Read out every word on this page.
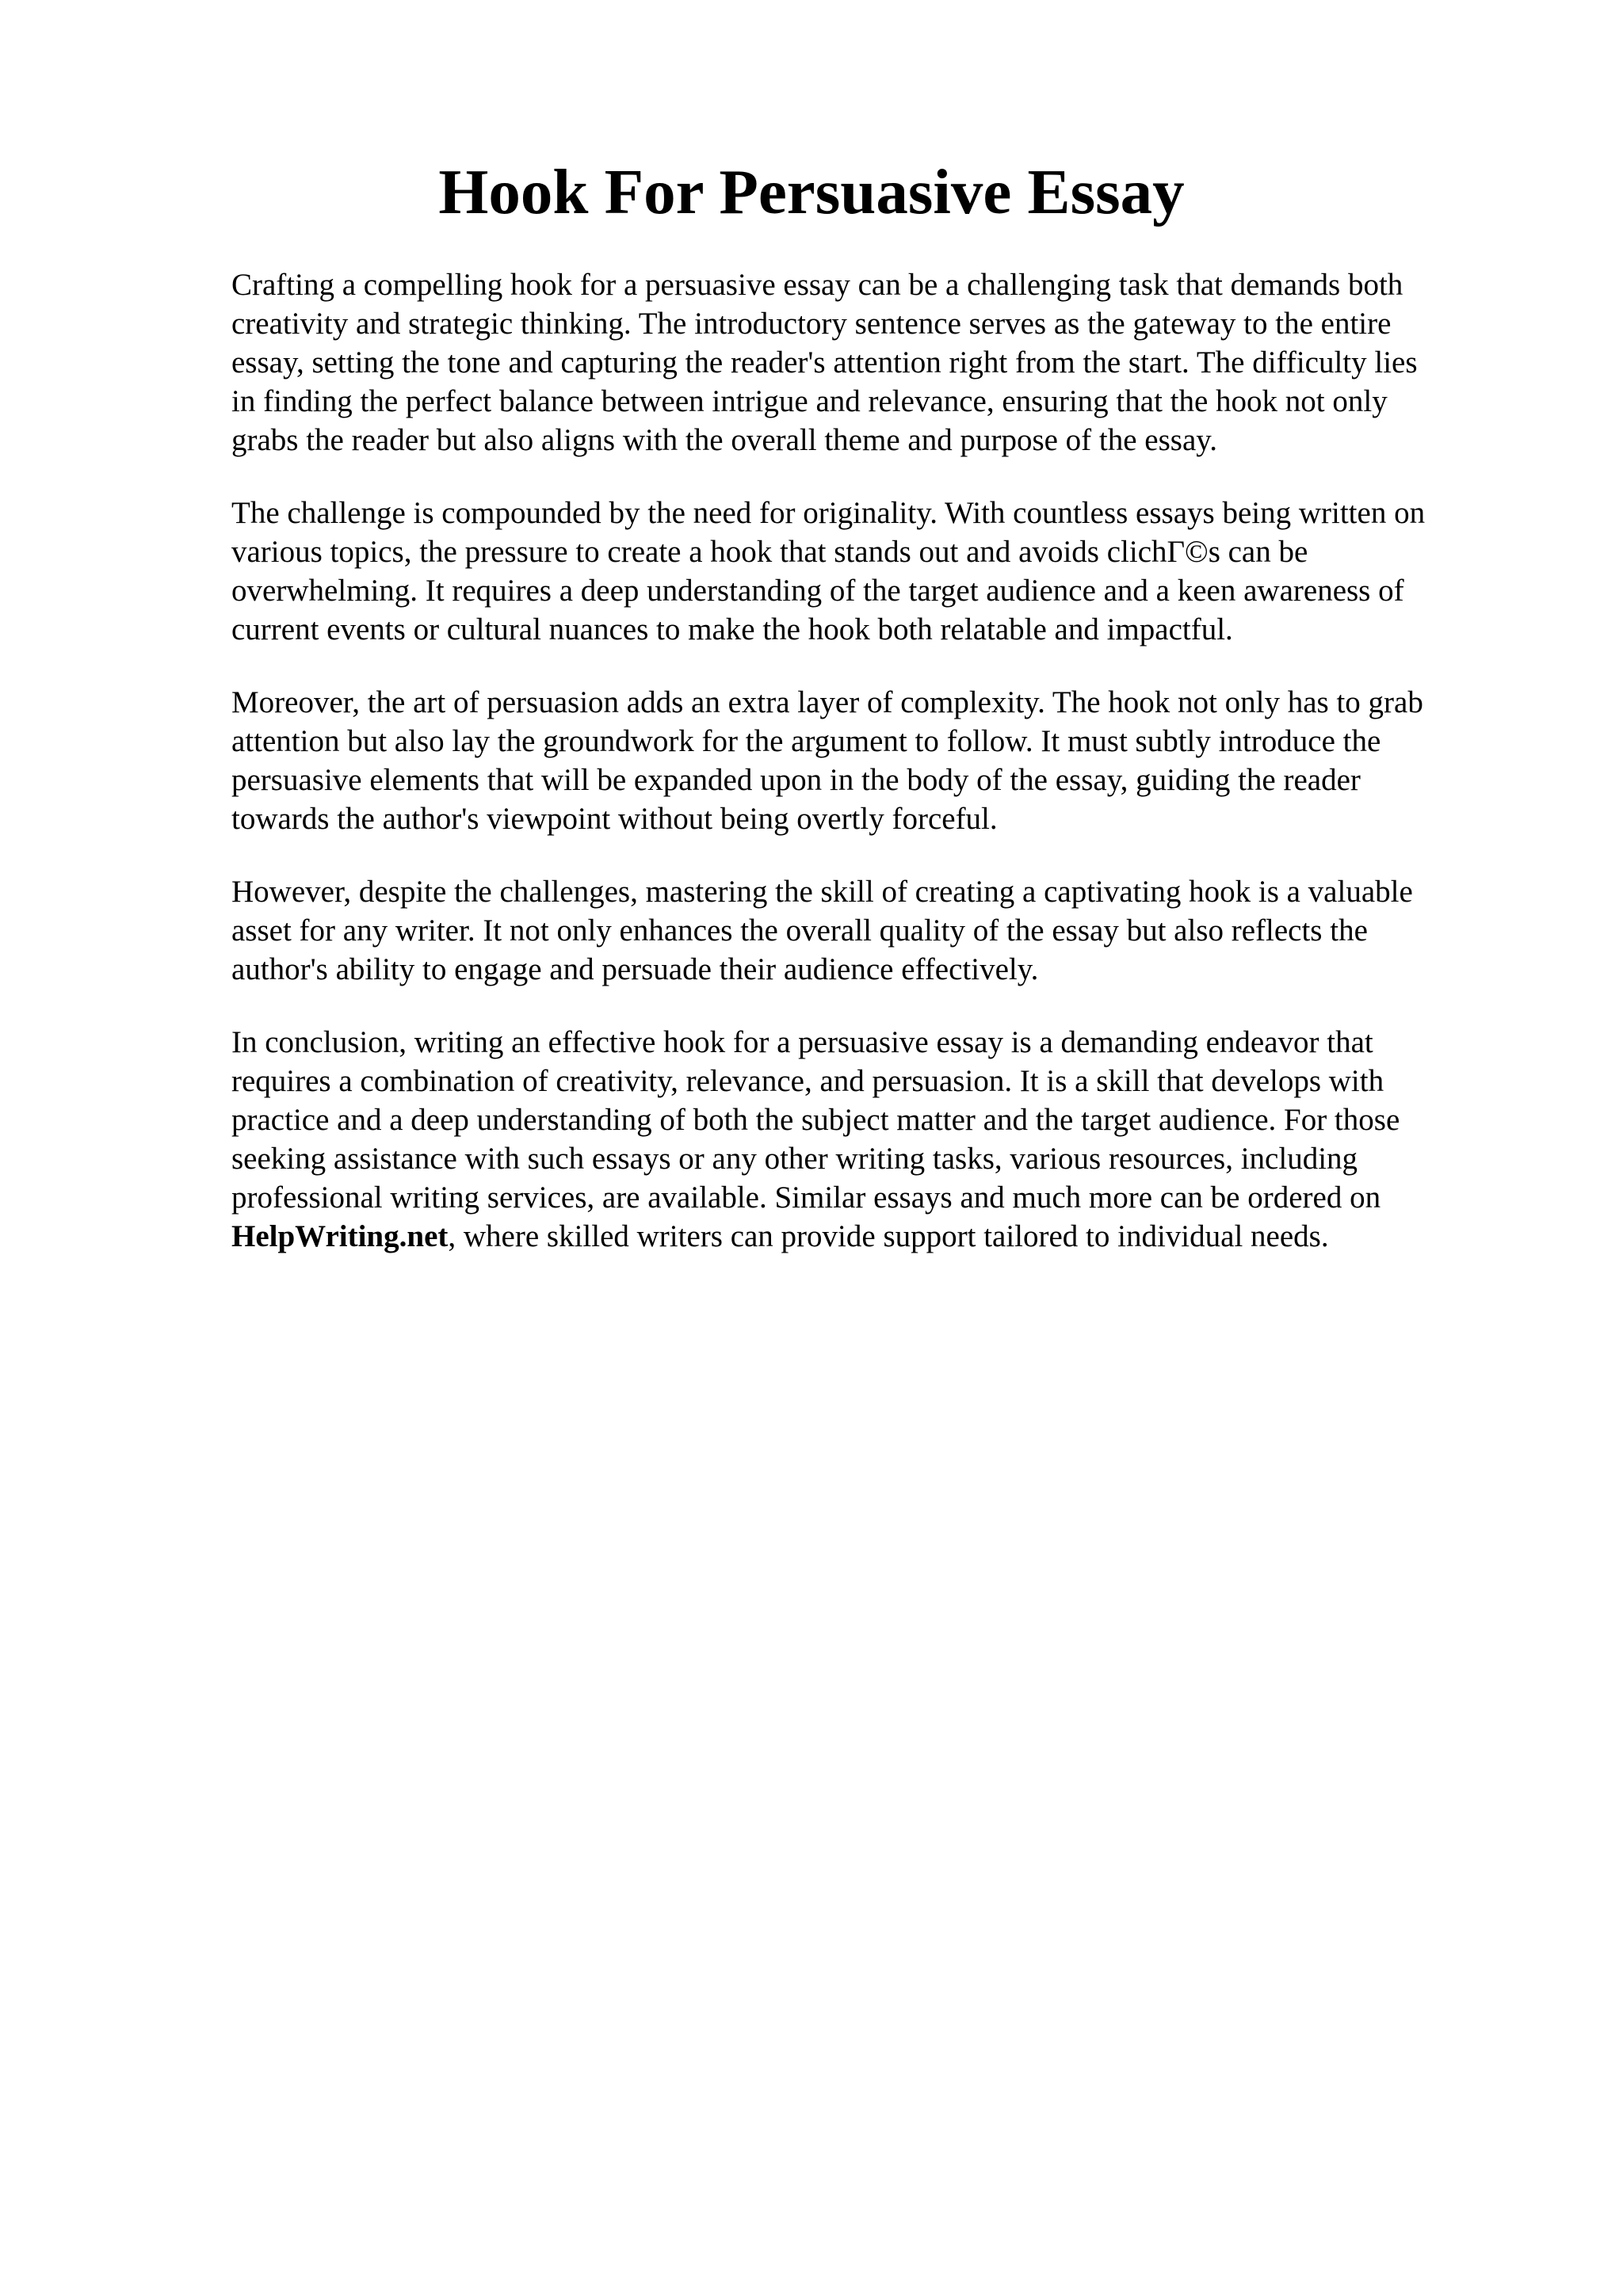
Hook For Persuasive Essay

Crafting a compelling hook for a persuasive essay can be a challenging task that demands both
creativity and strategic thinking. The introductory sentence serves as the gateway to the entire
essay, setting the tone and capturing the reader's attention right from the start. The difficulty lies
in finding the perfect balance between intrigue and relevance, ensuring that the hook not only
grabs the reader but also aligns with the overall theme and purpose of the essay.

The challenge is compounded by the need for originality. With countless essays being written on
various topics, the pressure to create a hook that stands out and avoids clichГ©s can be
overwhelming. It requires a deep understanding of the target audience and a keen awareness of
current events or cultural nuances to make the hook both relatable and impactful.

Moreover, the art of persuasion adds an extra layer of complexity. The hook not only has to grab
attention but also lay the groundwork for the argument to follow. It must subtly introduce the
persuasive elements that will be expanded upon in the body of the essay, guiding the reader
towards the author's viewpoint without being overtly forceful.

However, despite the challenges, mastering the skill of creating a captivating hook is a valuable
asset for any writer. It not only enhances the overall quality of the essay but also reflects the
author's ability to engage and persuade their audience effectively.

In conclusion, writing an effective hook for a persuasive essay is a demanding endeavor that
requires a combination of creativity, relevance, and persuasion. It is a skill that develops with
practice and a deep understanding of both the subject matter and the target audience. For those
seeking assistance with such essays or any other writing tasks, various resources, including
professional writing services, are available. Similar essays and much more can be ordered on
HelpWriting.net, where skilled writers can provide support tailored to individual needs.
